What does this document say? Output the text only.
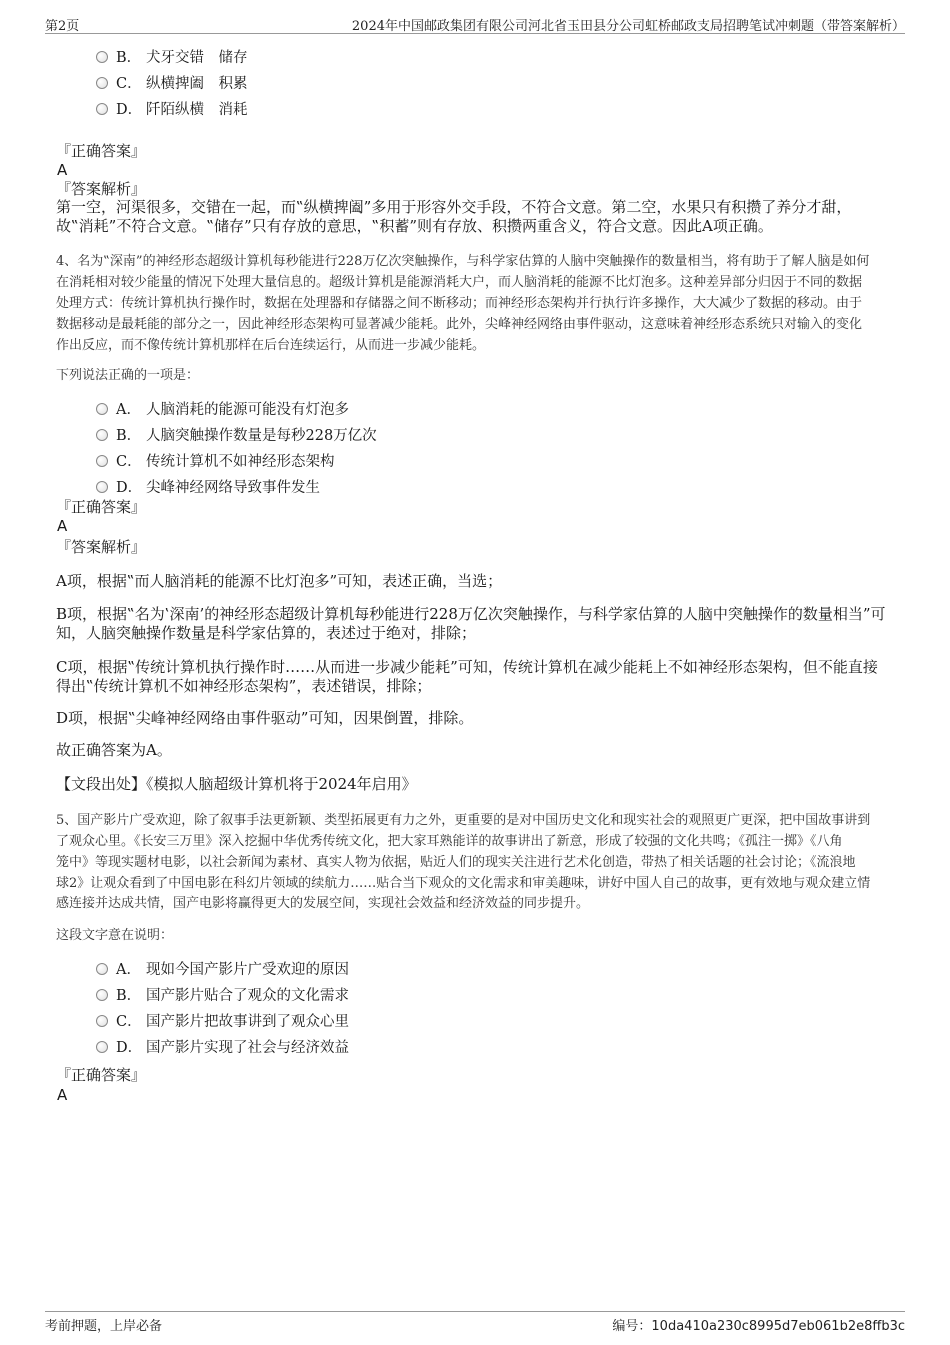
第2页	2024年中国邮政集团有限公司河北省玉田县分公司虹桥邮政支局招聘笔试冲刺题（带答案解析）
B． 犬牙交错　储存
C． 纵横捭阖　积累
D． 阡陌纵横　消耗
『正确答案』
A
『答案解析』
第一空，河渠很多，交错在一起，而‟纵横捭阖”多用于形容外交手段，不符合文意。第二空，水果只有积攒了养分才甜，
故‟消耗”不符合文意。‟储存”只有存放的意思，‟积蓄”则有存放、积攒两重含义，符合文意。因此A项正确。
4、名为‟深南”的神经形态超级计算机每秒能进行228万亿次突触操作，与科学家估算的人脑中突触操作的数量相当，将有助于了解人脑是如何
在消耗相对较少能量的情况下处理大量信息的。超级计算机是能源消耗大户，而人脑消耗的能源不比灯泡多。这种差异部分归因于不同的数据
处理方式：传统计算机执行操作时，数据在处理器和存储器之间不断移动；而神经形态架构并行执行许多操作，大大减少了数据的移动。由于
数据移动是最耗能的部分之一，因此神经形态架构可显著减少能耗。此外，尖峰神经网络由事件驱动，这意味着神经形态系统只对输入的变化
作出反应，而不像传统计算机那样在后台连续运行，从而进一步减少能耗。
下列说法正确的一项是：
A． 人脑消耗的能源可能没有灯泡多
B． 人脑突触操作数量是每秒228万亿次
C． 传统计算机不如神经形态架构
D． 尖峰神经网络导致事件发生
『正确答案』
A
『答案解析』
A项，根据‟而人脑消耗的能源不比灯泡多”可知，表述正确，当选；
B项，根据‟名为‛深南’的神经形态超级计算机每秒能进行228万亿次突触操作，与科学家估算的人脑中突触操作的数量相当”可
知，人脑突触操作数量是科学家估算的，表述过于绝对，排除；
C项，根据‟传统计算机执行操作时……从而进一步减少能耗”可知，传统计算机在减少能耗上不如神经形态架构，但不能直接
得出‟传统计算机不如神经形态架构”，表述错误，排除；
D项，根据‟尖峰神经网络由事件驱动”可知，因果倒置，排除。
故正确答案为A。
【文段出处】《模拟人脑超级计算机将于2024年启用》
5、国产影片广受欢迎，除了叙事手法更新颖、类型拓展更有力之外，更重要的是对中国历史文化和现实社会的观照更广更深，把中国故事讲到
了观众心里。《长安三万里》深入挖掘中华优秀传统文化，把大家耳熟能详的故事讲出了新意，形成了较强的文化共鸣；《孤注一掷》《八角
笼中》等现实题材电影，以社会新闻为素材、真实人物为依据，贴近人们的现实关注进行艺术化创造，带热了相关话题的社会讨论；《流浪地
球2》让观众看到了中国电影在科幻片领域的续航力……贴合当下观众的文化需求和审美趣味，讲好中国人自己的故事，更有效地与观众建立情
感连接并达成共情，国产电影将赢得更大的发展空间，实现社会效益和经济效益的同步提升。
这段文字意在说明：
A． 现如今国产影片广受欢迎的原因
B． 国产影片贴合了观众的文化需求
C． 国产影片把故事讲到了观众心里
D． 国产影片实现了社会与经济效益
『正确答案』
A
考前押题，上岸必备	编号：10da410a230c8995d7eb061b2e8ffb3c
